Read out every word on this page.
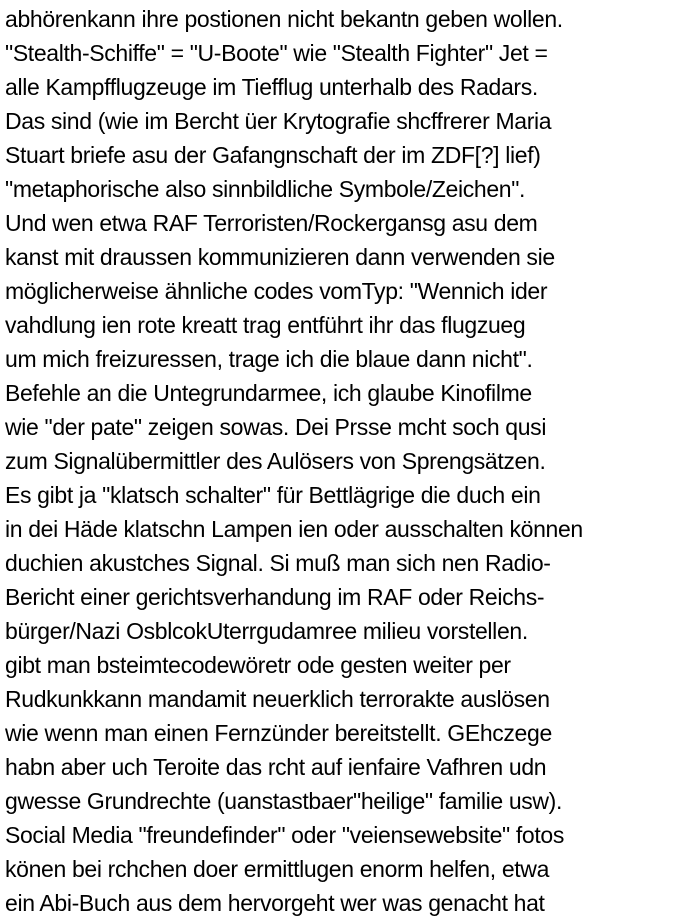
abhörenkann ihre postionen nicht bekantn geben wollen.
"Stealth-Schiffe" = "U-Boote" wie "Stealth Fighter" Jet =
alle Kampfflugzeuge im Tiefflug unterhalb des Radars.
Das sind (wie im Bercht üer Krytografie shcffrerer Maria
Stuart briefe asu der Gafangnschaft der im ZDF[?] lief)
"metaphorische also sinnbildliche Symbole/Zeichen".
Und wen etwa RAF Terroristen/Rockergansg asu dem
kanst mit draussen kommunizieren dann verwenden sie
möglicherweise ähnliche codes vomTyp: "Wennich ider
vahdlung ien rote kreatt trag entführt ihr das flugzueg
um mich freizuressen, trage ich die blaue dann nicht".
Befehle an die Untegrundarmee, ich glaube Kinofilme
wie "der pate" zeigen sowas. Dei Prsse mcht soch qusi
zum Signalübermittler des Aulösers von Sprengsätzen.
Es gibt ja "klatsch schalter" für Bettlägrige die duch ein
in dei Häde klatschn Lampen ien oder ausschalten können
duchien akustches Signal. Si muß man sich nen Radio-
Bericht einer gerichtsverhandung im RAF oder Reichs-
bürger/Nazi OsblcokUterrgudamree milieu vorstellen.
gibt man bsteimtecodewöretr ode gesten weiter per
Rudkunkkann mandamit neuerklich terrorakte auslösen
wie wenn man einen Fernzünder bereitstellt. GEhczege
habn aber uch Teroite das rcht auf ienfaire Vafhren udn
gwesse Grundrechte (uanstastbaer"heilige" familie usw).
Social Media "freundefinder" oder "veiensewebsite" fotos
könen bei rchchen doer ermittlugen enorm helfen, etwa
ein Abi-Buch aus dem hervorgeht wer was genacht hat
